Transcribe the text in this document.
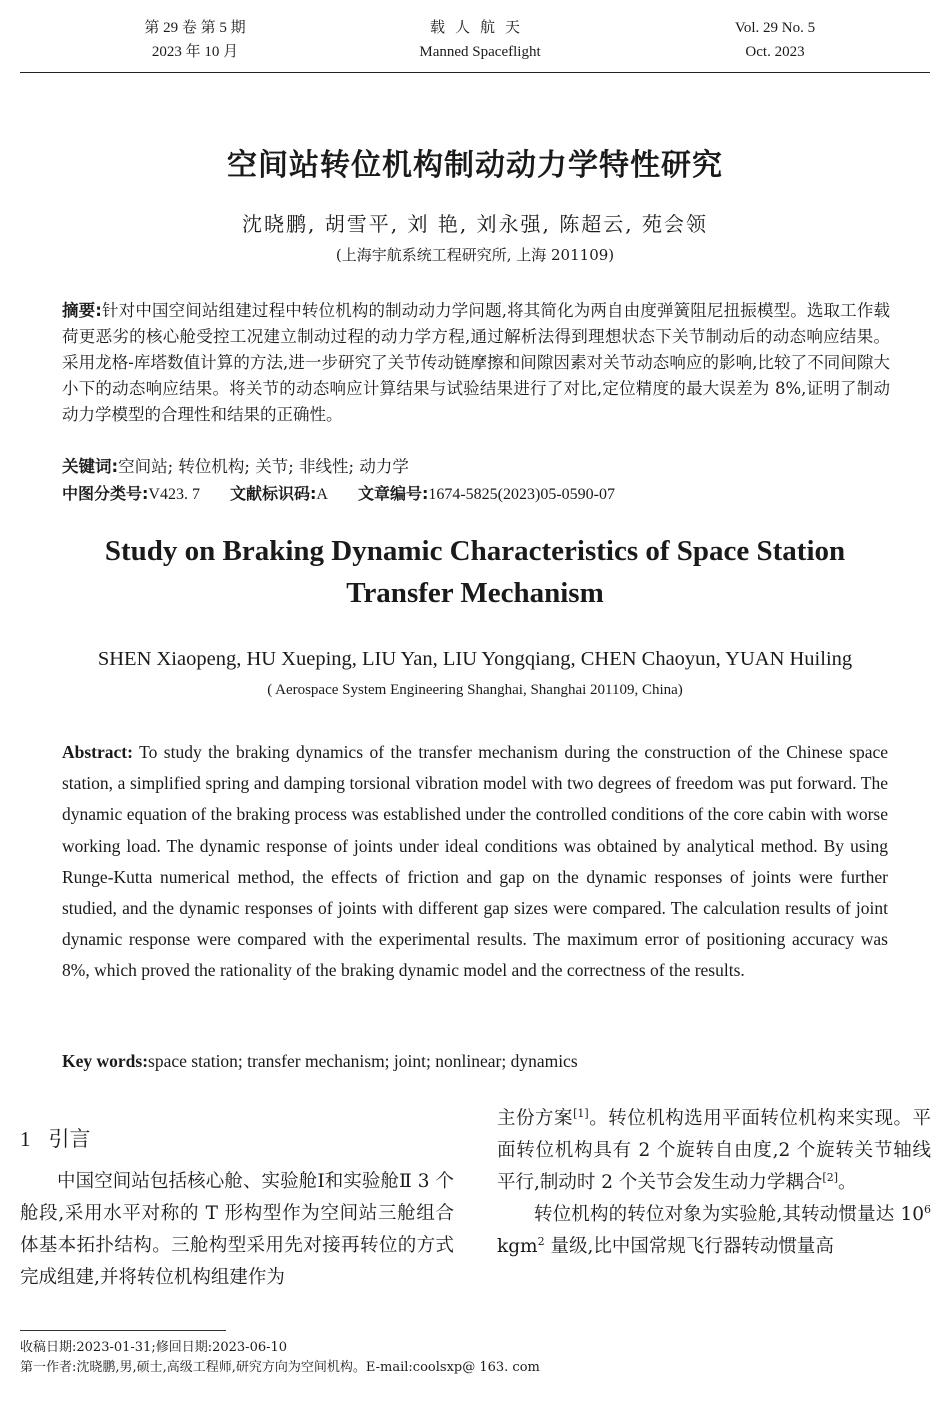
第 29 卷 第 5 期
2023 年 10 月
载人航天
Manned Spaceflight
Vol. 29 No. 5
Oct. 2023
空间站转位机构制动动力学特性研究
沈晓鹏, 胡雪平, 刘 艳, 刘永强, 陈超云, 苑会领
(上海宇航系统工程研究所, 上海 201109)
摘要:针对中国空间站组建过程中转位机构的制动动力学问题,将其简化为两自由度弹簧阻尼扭振模型。选取工作载荷更恶劣的核心舱受控工况建立制动过程的动力学方程,通过解析法得到理想状态下关节制动后的动态响应结果。采用龙格-库塔数值计算的方法,进一步研究了关节传动链摩擦和间隙因素对关节动态响应的影响,比较了不同间隙大小下的动态响应结果。将关节的动态响应计算结果与试验结果进行了对比,定位精度的最大误差为 8%,证明了制动动力学模型的合理性和结果的正确性。
关键词:空间站; 转位机构; 关节; 非线性; 动力学
中图分类号:V423. 7 文献标识码:A 文章编号:1674-5825(2023)05-0590-07
Study on Braking Dynamic Characteristics of Space Station
Transfer Mechanism
SHEN Xiaopeng, HU Xueping, LIU Yan, LIU Yongqiang, CHEN Chaoyun, YUAN Huiling
( Aerospace System Engineering Shanghai, Shanghai 201109, China)
Abstract: To study the braking dynamics of the transfer mechanism during the construction of the Chinese space station, a simplified spring and damping torsional vibration model with two degrees of freedom was put forward. The dynamic equation of the braking process was established under the controlled conditions of the core cabin with worse working load. The dynamic response of joints under ideal conditions was obtained by analytical method. By using Runge-Kutta numerical method, the effects of friction and gap on the dynamic responses of joints were further studied, and the dynamic responses of joints with different gap sizes were compared. The calculation results of joint dynamic response were compared with the experimental results. The maximum error of positioning accuracy was 8%, which proved the rationality of the braking dynamic model and the correctness of the results.
Key words:space station; transfer mechanism; joint; nonlinear; dynamics
1 引言

中国空间站包括核心舱、实验舱Ⅰ和实验舱Ⅱ 3 个舱段,采用水平对称的 T 形构型作为空间站三舱组合体基本拓扑结构。三舱构型采用先对接再转位的方式完成组建,并将转位机构组建作为

主份方案[1]。转位机构选用平面转位机构来实现。平面转位机构具有 2 个旋转自由度,2 个旋转关节轴线平行,制动时 2 个关节会发生动力学耦合[2]。

转位机构的转位对象为实验舱,其转动惯量达 $10^6$ kgm$^2$ 量级,比中国常规飞行器转动惯量高

收稿日期:2023-01-31;修回日期:2023-06-10
第一作者:沈晓鹏,男,硕士,高级工程师,研究方向为空间机构。E-mail:coolsxp@ 163. com
